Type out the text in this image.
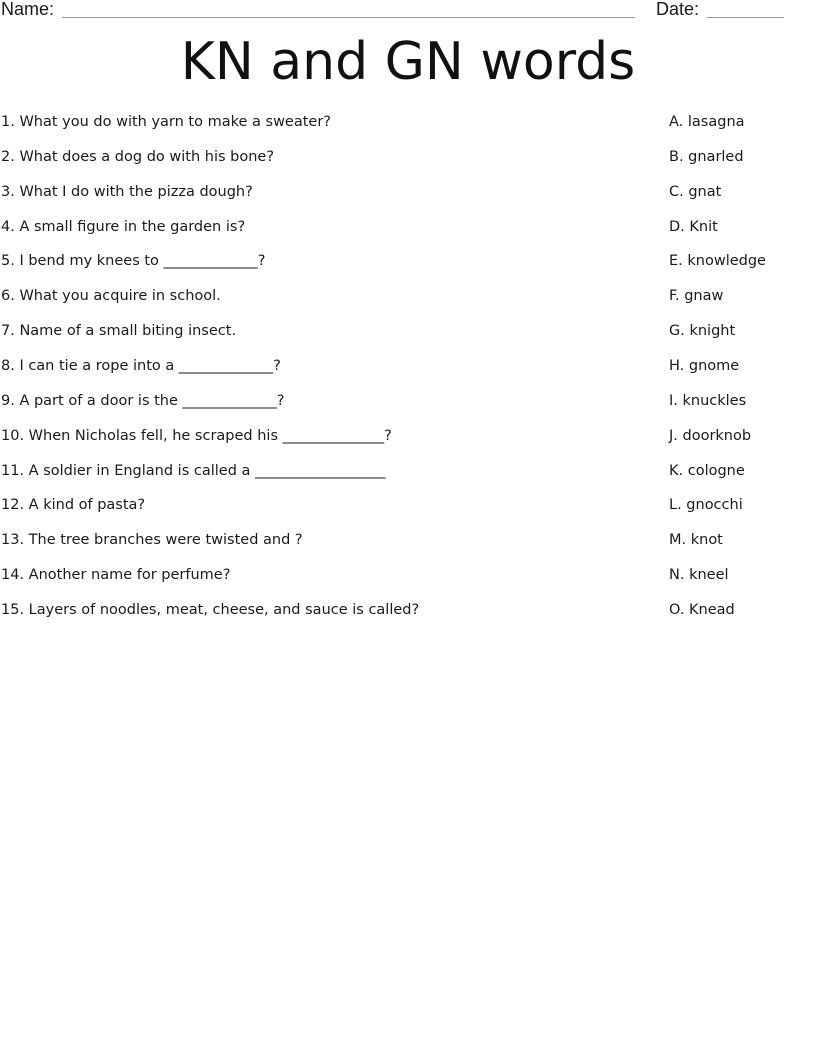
Name:	Date:
KN and GN words
1. What you do with yarn to make a sweater?
2. What does a dog do with his bone?
3. What I do with the pizza dough?
4. A small figure in the garden is?
5. I bend my knees to _____________?
6. What you acquire in school.
7. Name of a small biting insect.
8. I can tie a rope into a _____________?
9. A part of a door is the _____________?
10. When Nicholas fell, he scraped his ______________?
11. A soldier in England is called a __________________
12. A kind of pasta?
13. The tree branches were twisted and ?
14. Another name for perfume?
15. Layers of noodles, meat, cheese, and sauce is called?
A. lasagna
B. gnarled
C. gnat
D. Knit
E. knowledge
F. gnaw
G. knight
H. gnome
I. knuckles
J. doorknob
K. cologne
L. gnocchi
M. knot
N. kneel
O. Knead
